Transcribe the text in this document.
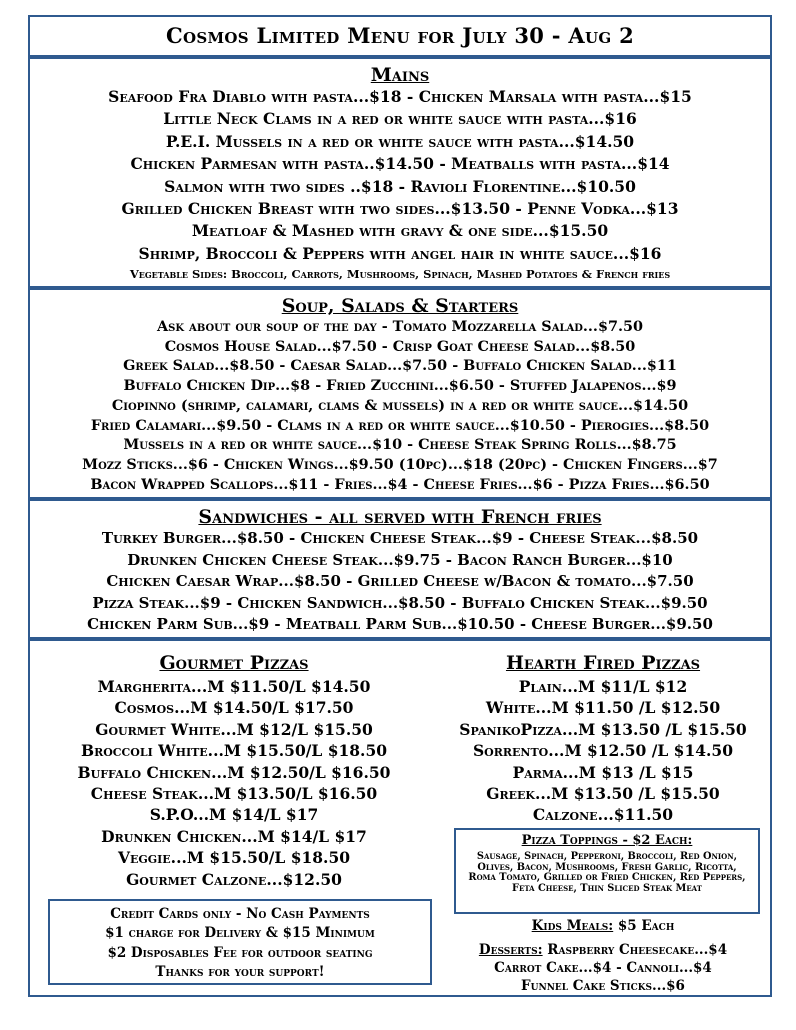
Cosmos Limited Menu for July 30 - Aug 2
Mains
Seafood Fra Diablo with pasta...$18 - Chicken Marsala with pasta...$15
Little Neck Clams in a red or white sauce with pasta...$16
P.E.I. Mussels in a red or white sauce with pasta...$14.50
Chicken Parmesan with pasta..$14.50 - Meatballs with pasta...$14
Salmon with two sides ..$18 - Ravioli Florentine...$10.50
Grilled Chicken Breast with two sides...$13.50 - Penne Vodka...$13
Meatloaf & Mashed with gravy & one side...$15.50
Shrimp, Broccoli & Peppers with angel hair in white sauce...$16
Vegetable Sides: Broccoli, Carrots, Mushrooms, Spinach, Mashed Potatoes & French fries
Soup, Salads & Starters
Ask about our soup of the day - Tomato Mozzarella Salad...$7.50
Cosmos House Salad...$7.50 - Crisp Goat Cheese Salad...$8.50
Greek Salad...$8.50 - Caesar Salad...$7.50 - Buffalo Chicken Salad...$11
Buffalo Chicken Dip...$8 - Fried Zucchini...$6.50 - Stuffed Jalapenos...$9
Ciopinno (shrimp, calamari, clams & mussels) in a red or white sauce...$14.50
Fried Calamari...$9.50 - Clams in a red or white sauce...$10.50 - Pierogies...$8.50
Mussels in a red or white sauce...$10 - Cheese Steak Spring Rolls...$8.75
Mozz Sticks...$6 - Chicken Wings...$9.50 (10pc)...$18 (20pc) - Chicken Fingers...$7
Bacon Wrapped Scallops...$11 - Fries...$4 - Cheese Fries...$6 - Pizza Fries...$6.50
Sandwiches - all served with French fries
Turkey Burger...$8.50 - Chicken Cheese Steak...$9 - Cheese Steak...$8.50
Drunken Chicken Cheese Steak...$9.75 - Bacon Ranch Burger...$10
Chicken Caesar Wrap...$8.50 - Grilled Cheese w/Bacon & tomato...$7.50
Pizza Steak...$9 - Chicken Sandwich...$8.50 - Buffalo Chicken Steak...$9.50
Chicken Parm Sub...$9 - Meatball Parm Sub...$10.50 - Cheese Burger...$9.50
Gourmet Pizzas
Margherita...M $11.50/L $14.50
Cosmos...M $14.50/L $17.50
Gourmet White...M $12/L $15.50
Broccoli White...M $15.50/L $18.50
Buffalo Chicken...M $12.50/L $16.50
Cheese Steak...M $13.50/L $16.50
S.P.O...M $14/L $17
Drunken Chicken...M $14/L $17
Veggie...M $15.50/L $18.50
Gourmet Calzone...$12.50
Credit Cards only - No Cash Payments
$1 charge for Delivery & $15 Minimum
$2 Disposables Fee for outdoor seating
Thanks for your support!
Hearth Fired Pizzas
Plain...M $11/L $12
White...M $11.50 /L $12.50
SpanikoPizza...M $13.50 /L $15.50
Sorrento...M $12.50 /L $14.50
Parma...M $13 /L $15
Greek...M $13.50 /L $15.50
Calzone...$11.50
Pizza Toppings - $2 Each:
Sausage, Spinach, Pepperoni, Broccoli, Red Onion, Olives, Bacon, Mushrooms, Fresh Garlic, Ricotta, Roma Tomato, Grilled or Fried Chicken, Red Peppers, Feta Cheese, Thin Sliced Steak Meat
Kids Meals: $5 Each
Desserts: Raspberry Cheesecake...$4
Carrot Cake...$4 - Cannoli...$4
Funnel Cake Sticks...$6
